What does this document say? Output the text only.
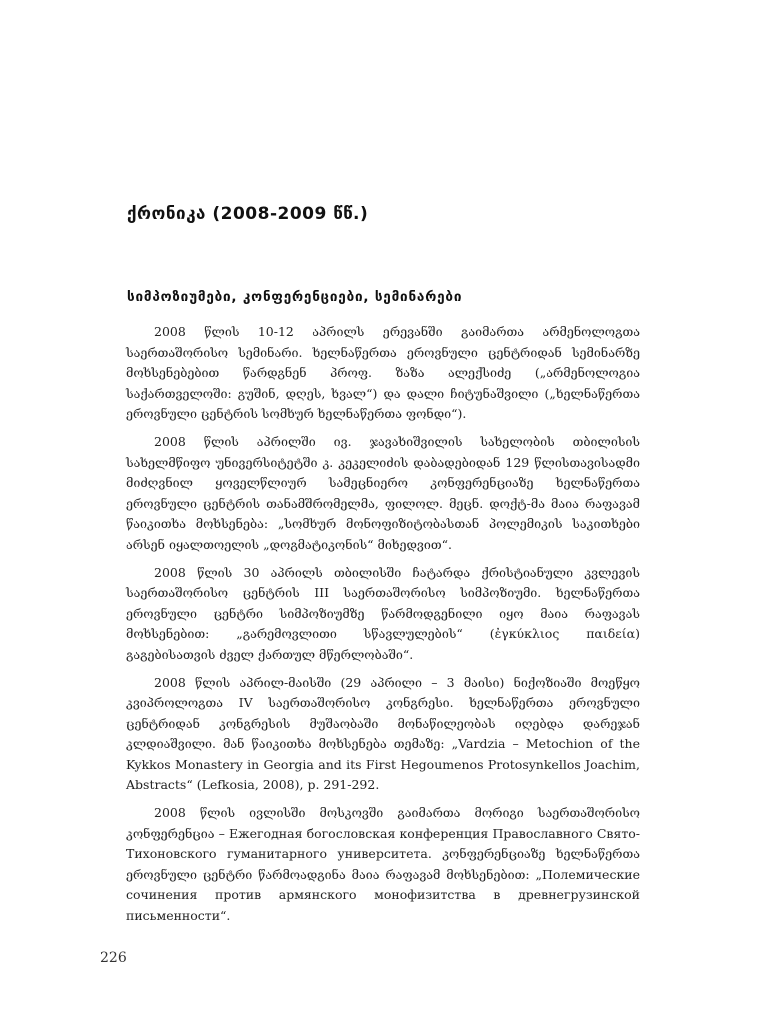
ქრონიკა (2008-2009 წწ.)
სიმპოზიუმები, კონფერენციები, სემინარები

2008 წლის 10-12 აპრილს ერევანში გაიმართა არმენოლოგთა საერთაშორისო სემინარი. ხელნაწერთა ეროვნული ცენტრიდან სემინარზე მოხსენებებით წარდგნენ პროფ. ზაზა ალექსიძე („არმენოლოგია საქართველოში: გუშინ, დღეს, ხვალ“) და დალი ჩიტუნაშვილი („ხელნაწერთა ეროვნული ცენტრის სომხურ ხელნაწერთა ფონდი“).

2008 წლის აპრილში ივ. ჯავახიშვილის სახელობის თბილისის სახელმწიფო უნივერსიტეტში კ. კეკელიძის დაბადებიდან 129 წლისთავისადმი მიძღვნილ ყოველწლიურ სამეცნიერო კონფერენციაზე ხელნაწერთა ეროვნული ცენტრის თანამშრომელმა, ფილოლ. მეცნ. დოქტ-მა მაია რაფავამ წაიკითხა მოხსენება: „სომხურ მონოფიზიტობასთან პოლემიკის საკითხები არსენ იყალთოელის „დოგმატიკონის“ მიხედვით“.

2008 წლის 30 აპრილს თბილისში ჩატარდა ქრისტიანული კვლევის საერთაშორისო ცენტრის III საერთაშორისო სიმპოზიუმი. ხელნაწერთა ეროვნული ცენტრი სიმპოზიუმზე წარმოდგენილი იყო მაია რაფავას მოხსენებით: „გარემოვლითი სწავლულების“ (ἐγκύκλιος παιδεία) გაგებისათვის ძველ ქართულ მწერლობაში“.

2008 წლის აპრილ-მაისში (29 აპრილი – 3 მაისი) ნიქოზიაში მოეწყო კვიპროლოგთა IV საერთაშორისო კონგრესი. ხელნაწერთა ეროვნული ცენტრიდან კონგრესის მუშაობაში მონაწილეობას იღებდა დარეჯან კლდიაშვილი. მან წაიკითხა მოხსენება თემაზე: „Vardzia – Metochion of the Kykkos Monastery in Georgia and its First Hegoumenos Protosynkellos Joachim, Abstracts“ (Lefkosia, 2008), p. 291-292.

2008 წლის ივლისში მოსკოვში გაიმართა მორიგი საერთაშორისო კონფერენცია – Ежегодная богословская конференция Православного Свято-Тихоновского гуманитарного университета. კონფერენციაზე ხელნაწერთა ეროვნული ცენტრი წარმოადგინა მაია რაფავამ მოხსენებით: „Полемические сочинения против армянского монофизитства в древнегрузинской письменности“.

226
